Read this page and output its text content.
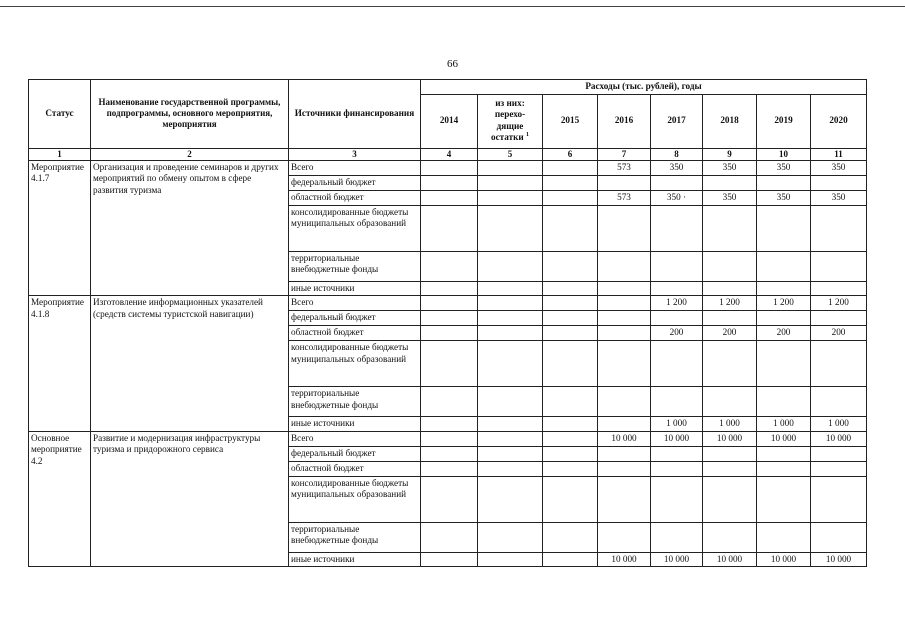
66
Статус	Наименование государственной программы, подпрограммы, основного мероприятия, мероприятия	Источники финансирования	Расходы (тыс. рублей), годы							
			2014	из них:
перехо-
дящие
остатки $^1$	2015	2016	2017	2018	2019	2020
1	2	3	4	5	6	7	8	9	10	11
Мероприятие 4.1.7	Организация и проведение семинаров и других мероприятий по обмену опытом в сфере развития туризма	Всего				573	350	350	350	350
		федеральный бюджет								
		областной бюджет				573	350 ·	350	350	350
		консолидированные бюджеты муниципальных образований								
		территориальные внебюджетные фонды								
		иные источники								
Мероприятие 4.1.8	Изготовление информационных указателей (средств системы туристской навигации)	Всего					1 200	1 200	1 200	1 200
		федеральный бюджет								
		областной бюджет					200	200	200	200
		консолидированные бюджеты муниципальных образований								
		территориальные внебюджетные фонды								
		иные источники					1 000	1 000	1 000	1 000
Основное мероприятие 4.2	Развитие и модернизация инфраструктуры туризма и придорожного сервиса	Всего				10 000	10 000	10 000	10 000	10 000
		федеральный бюджет								
		областной бюджет								
		консолидированные бюджеты муниципальных образований								
		территориальные внебюджетные фонды								
		иные источники				10 000	10 000	10 000	10 000	10 000
